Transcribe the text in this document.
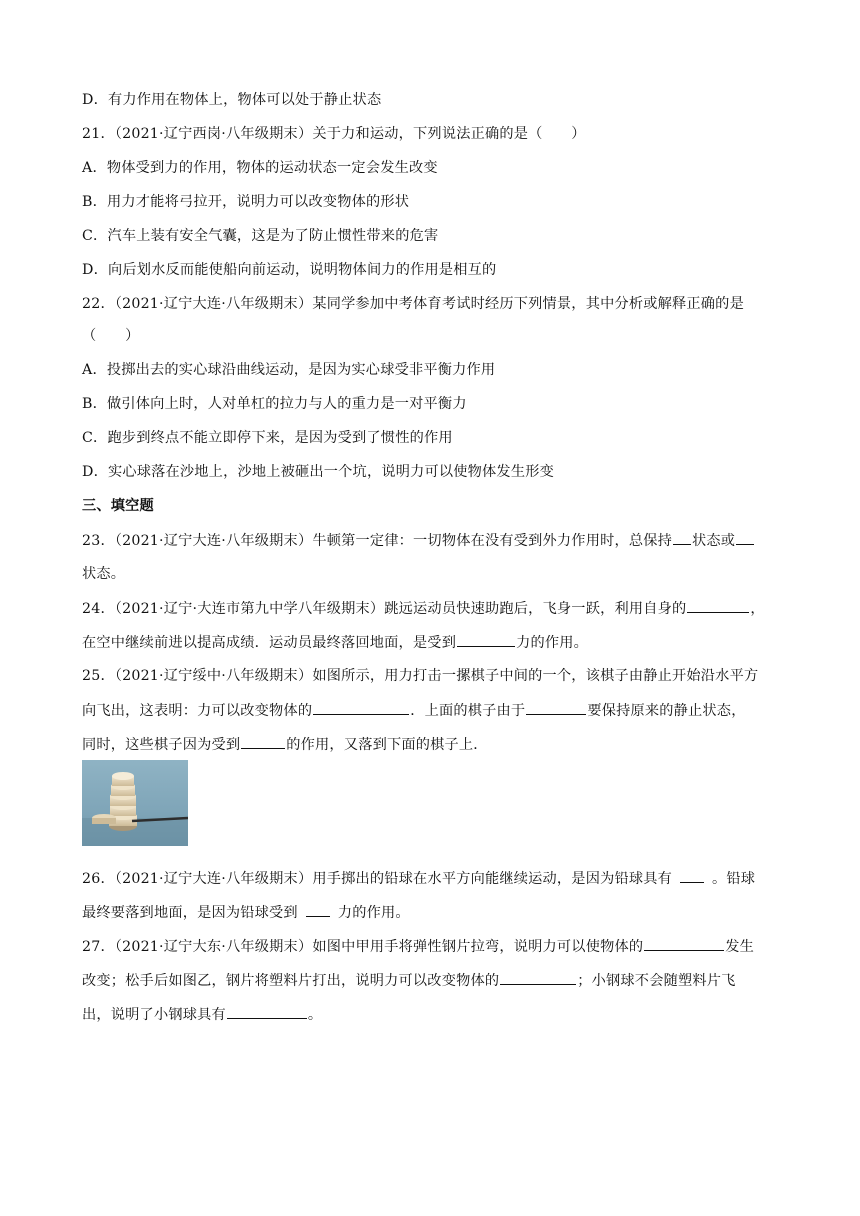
D．有力作用在物体上，物体可以处于静止状态
21．（2021·辽宁西岗·八年级期末）关于力和运动，下列说法正确的是（　　）
A．物体受到力的作用，物体的运动状态一定会发生改变
B．用力才能将弓拉开，说明力可以改变物体的形状
C．汽车上装有安全气囊，这是为了防止惯性带来的危害
D．向后划水反而能使船向前运动，说明物体间力的作用是相互的
22．（2021·辽宁大连·八年级期末）某同学参加中考体育考试时经历下列情景，其中分析或解释正确的是
（　　）
A．投掷出去的实心球沿曲线运动，是因为实心球受非平衡力作用
B．做引体向上时，人对单杠的拉力与人的重力是一对平衡力
C．跑步到终点不能立即停下来，是因为受到了惯性的作用
D．实心球落在沙地上，沙地上被砸出一个坑，说明力可以使物体发生形变
三、填空题
23．（2021·辽宁大连·八年级期末）牛顿第一定律：一切物体在没有受到外力作用时，总保持 状态或
状态。
24．（2021·辽宁·大连市第九中学八年级期末）跳远运动员快速助跑后，飞身一跃，利用自身的	，
在空中继续前进以提高成绩．运动员最终落回地面，是受到	力的作用。
25．（2021·辽宁绥中·八年级期末）如图所示，用力打击一摞棋子中间的一个，该棋子由静止开始沿水平方
向飞出，这表明：力可以改变物体的	．上面的棋子由于	要保持原来的静止状态，
同时，这些棋子因为受到	的作用，又落到下面的棋子上．
26．（2021·辽宁大连·八年级期末）用手掷出的铅球在水平方向能继续运动，是因为铅球具有	。铅球
最终要落到地面，是因为铅球受到	力的作用。
27．（2021·辽宁大东·八年级期末）如图中甲用手将弹性钢片拉弯，说明力可以使物体的	发生
改变；松手后如图乙，钢片将塑料片打出，说明力可以改变物体的	；小钢球不会随塑料片飞
出，说明了小钢球具有	。
